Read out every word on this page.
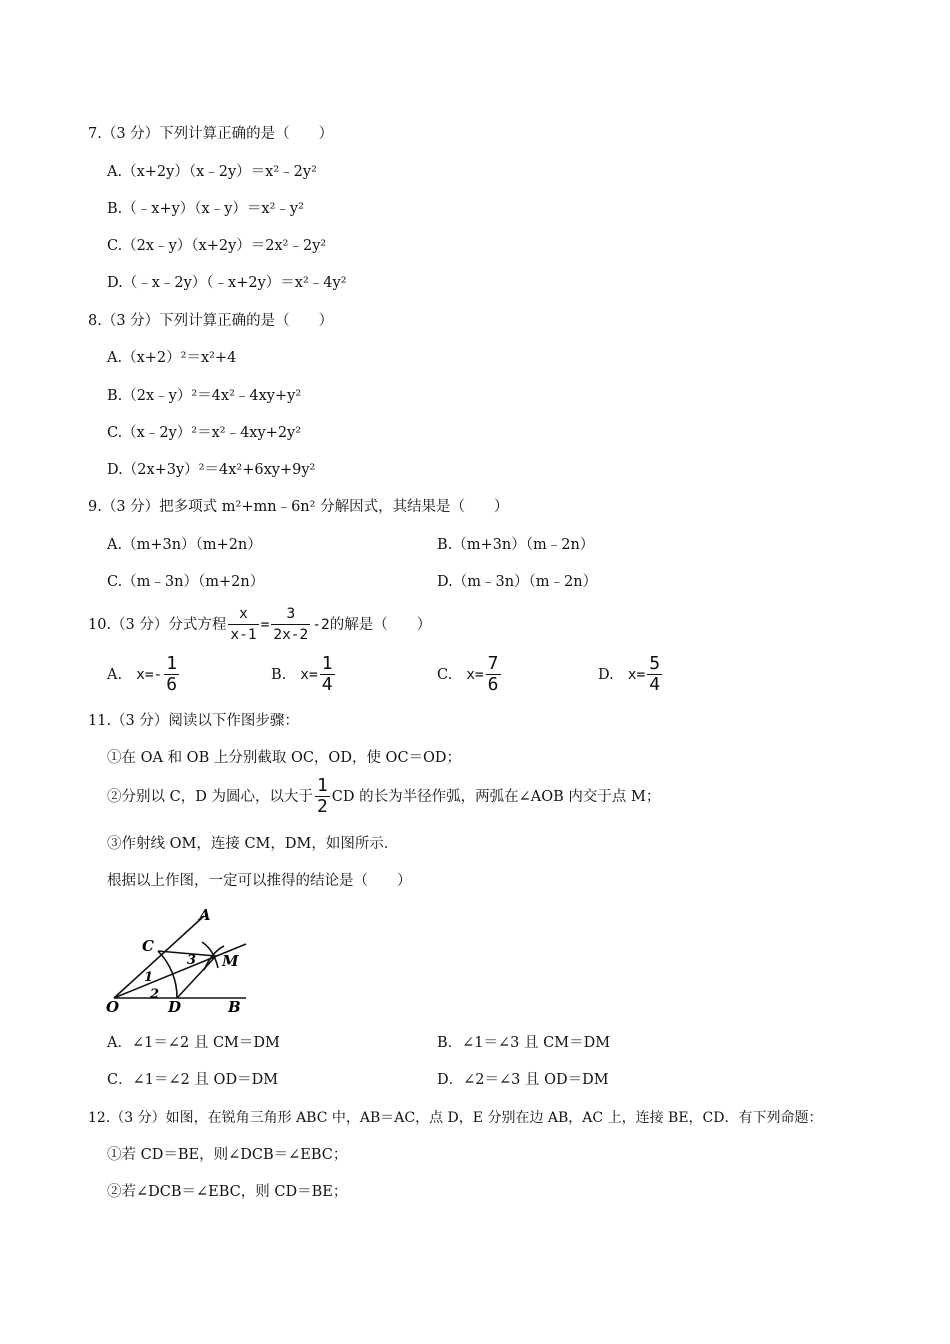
7.（3 分）下列计算正确的是（　　）
A.（x+2y）（x﹣2y）＝x²﹣2y²
B.（﹣x+y）（x﹣y）＝x²﹣y²
C.（2x﹣y）（x+2y）＝2x²﹣2y²
D.（﹣x﹣2y）（﹣x+2y）＝x²﹣4y²
8.（3 分）下列计算正确的是（　　）
A.（x+2）²＝x²+4
B.（2x﹣y）²＝4x²﹣4xy+y²
C.（x﹣2y）²＝x²﹣4xy+2y²
D.（2x+3y）²＝4x²+6xy+9y²
9.（3 分）把多项式 m²+mn﹣6n² 分解因式，其结果是（　　）
A.（m+3n）（m+2n）	B.（m+3n）（m﹣2n）
C.（m﹣3n）（m+2n）	D.（m﹣3n）（m﹣2n）
10.（3 分）分式方程 $\frac{x}{x-1} = \frac{3}{2x-2} -2$ 的解是（　　）
A. $x=- \frac{1}{6}$	B. $x= \frac{1}{4}$	C. $x= \frac{7}{6}$	D. $x= \frac{5}{4}$
11.（3 分）阅读以下作图步骤：
①在 OA 和 OB 上分别截取 OC，OD，使 OC＝OD；
②分别以 C，D 为圆心，以大于 $\frac{1}{2}$ CD 的长为半径作弧，两弧在∠AOB 内交于点 M；
③作射线 OM，连接 CM，DM，如图所示．
根据以上作图，一定可以推得的结论是（　　）
A
C
M
O	D	B
1
2
3
A．∠1＝∠2 且 CM＝DM	B．∠1＝∠3 且 CM＝DM
C．∠1＝∠2 且 OD＝DM	D．∠2＝∠3 且 OD＝DM
12.（3 分）如图，在锐角三角形 ABC 中，AB＝AC，点 D，E 分别在边 AB，AC 上，连接 BE，CD．有下列命题：
①若 CD＝BE，则∠DCB＝∠EBC；
②若∠DCB＝∠EBC，则 CD＝BE；
